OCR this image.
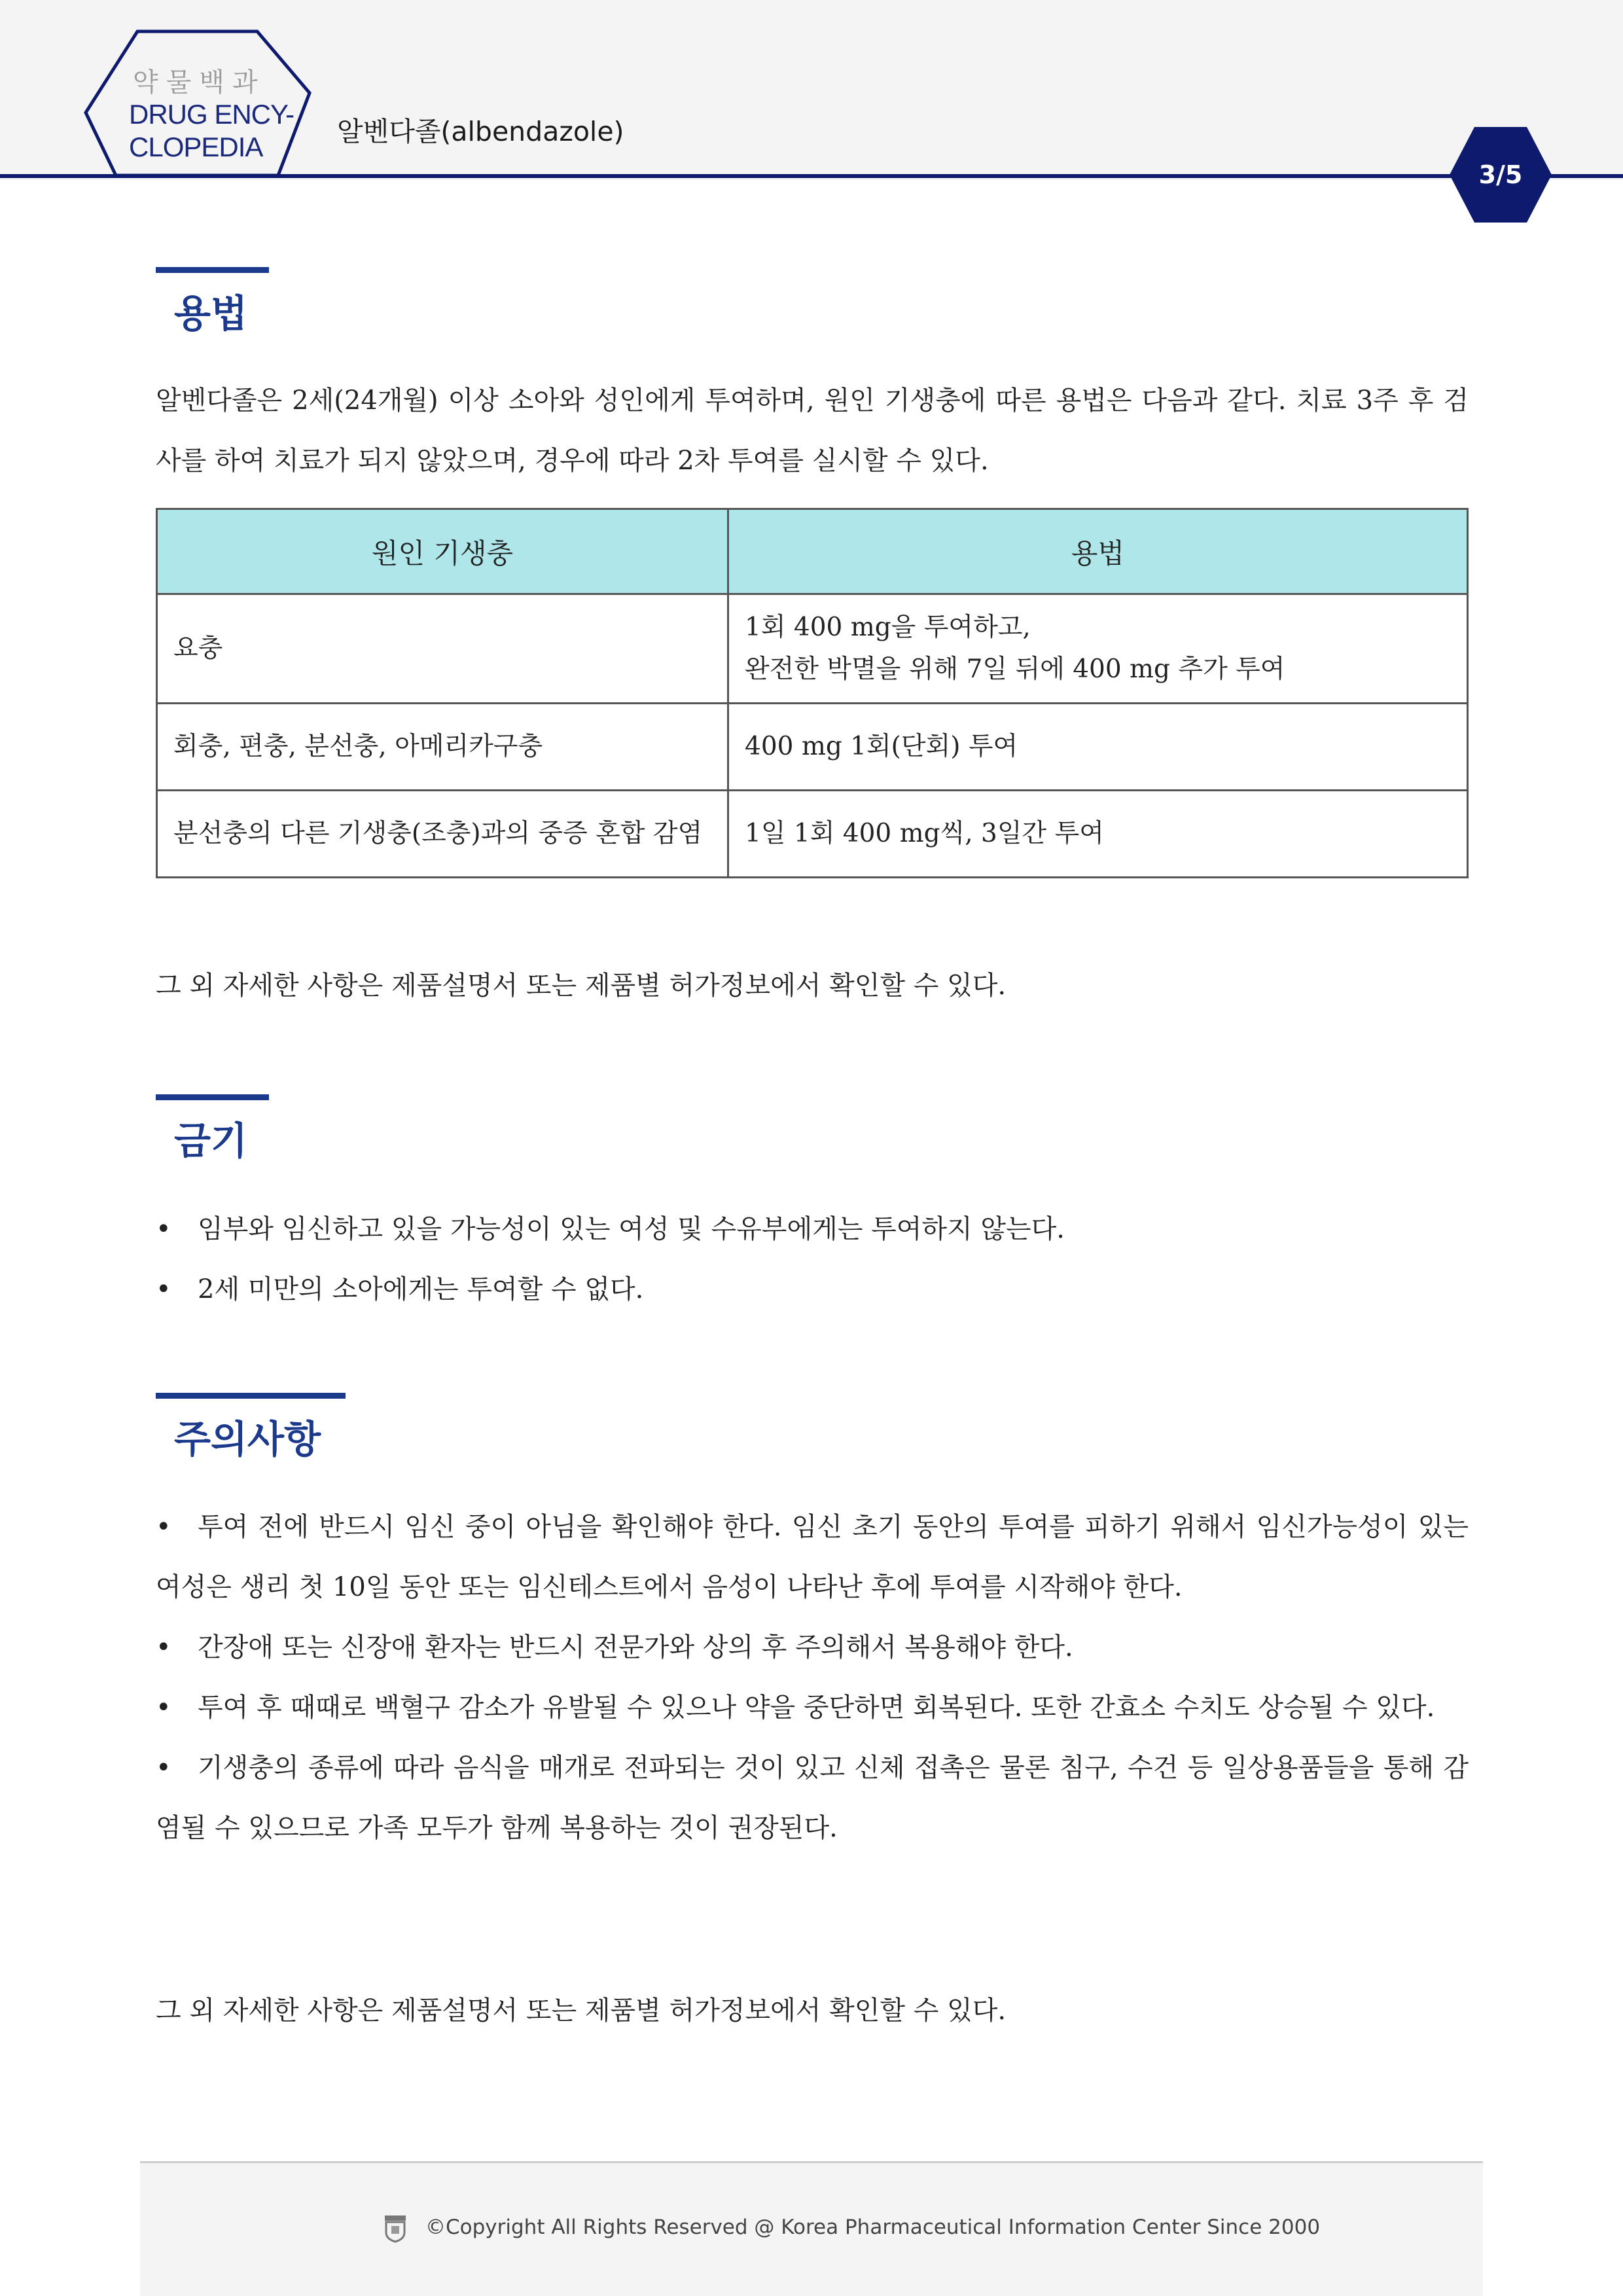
약물백과
DRUG ENCY-
CLOPEDIA	알벤다졸(albendazole)
3/5
용법

알벤다졸은 2세(24개월) 이상 소아와 성인에게 투여하며, 원인 기생충에 따른 용법은 다음과 같다. 치료 3주 후 검사를 하여 치료가 되지 않았으며, 경우에 따라 2차 투여를 실시할 수 있다.

원인 기생충	용법
요충	1회 400 mg을 투여하고,
완전한 박멸을 위해 7일 뒤에 400 mg 추가 투여

회충, 편충, 분선충, 아메리카구충	400 mg 1회(단회) 투여
분선충의 다른 기생충(조충)과의 중증 혼합 감염	1일 1회 400 mg씩, 3일간 투여
그 외 자세한 사항은 제품설명서 또는 제품별 허가정보에서 확인할 수 있다.
금기
• 임부와 임신하고 있을 가능성이 있는 여성 및 수유부에게는 투여하지 않는다.
• 2세 미만의 소아에게는 투여할 수 없다.
주의사항
• 투여 전에 반드시 임신 중이 아님을 확인해야 한다. 임신 초기 동안의 투여를 피하기 위해서 임신가능성이 있는 여성은 생리 첫 10일 동안 또는 임신테스트에서 음성이 나타난 후에 투여를 시작해야 한다.
• 간장애 또는 신장애 환자는 반드시 전문가와 상의 후 주의해서 복용해야 한다.
• 투여 후 때때로 백혈구 감소가 유발될 수 있으나 약을 중단하면 회복된다. 또한 간효소 수치도 상승될 수 있다.
• 기생충의 종류에 따라 음식을 매개로 전파되는 것이 있고 신체 접촉은 물론 침구, 수건 등 일상용품들을 통해 감염될 수 있으므로 가족 모두가 함께 복용하는 것이 권장된다.
그 외 자세한 사항은 제품설명서 또는 제품별 허가정보에서 확인할 수 있다.
©Copyright All Rights Reserved @ Korea Pharmaceutical Information Center Since 2000
